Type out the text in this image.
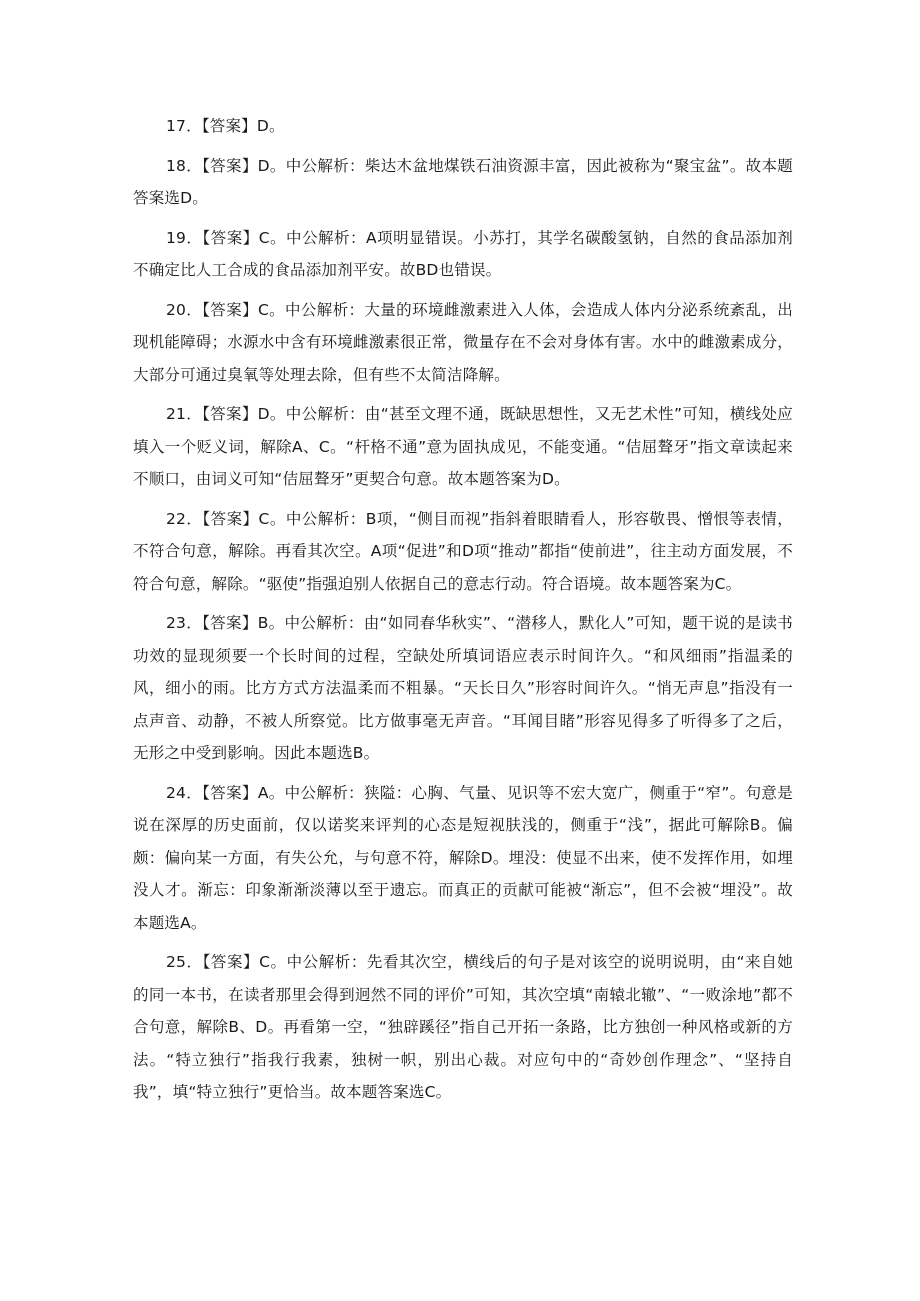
17．【答案】D。

18．【答案】D。中公解析：柴达木盆地煤铁石油资源丰富，因此被称为“聚宝盆”。故本题答案选D。

19．【答案】C。中公解析：A项明显错误。小苏打，其学名碳酸氢钠，自然的食品添加剂不确定比人工合成的食品添加剂平安。故BD也错误。

20．【答案】C。中公解析：大量的环境雌激素进入人体，会造成人体内分泌系统紊乱，出现机能障碍；水源水中含有环境雌激素很正常，微量存在不会对身体有害。水中的雌激素成分，大部分可通过臭氧等处理去除，但有些不太简洁降解。

21．【答案】D。中公解析：由“甚至文理不通，既缺思想性，又无艺术性”可知，横线处应填入一个贬义词，解除A、C。“杆格不通”意为固执成见，不能变通。“佶屈聱牙”指文章读起来不顺口，由词义可知“佶屈聱牙”更契合句意。故本题答案为D。

22．【答案】C。中公解析：B项，“侧目而视”指斜着眼睛看人，形容敬畏、憎恨等表情，不符合句意，解除。再看其次空。A项“促进”和D项“推动”都指“使前进”，往主动方面发展，不符合句意，解除。“驱使”指强迫别人依据自己的意志行动。符合语境。故本题答案为C。

23．【答案】B。中公解析：由“如同春华秋实”、“潜移人，默化人”可知，题干说的是读书功效的显现须要一个长时间的过程，空缺处所填词语应表示时间许久。“和风细雨”指温柔的风，细小的雨。比方方式方法温柔而不粗暴。“天长日久”形容时间许久。“悄无声息”指没有一点声音、动静，不被人所察觉。比方做事毫无声音。“耳闻目睹”形容见得多了听得多了之后，无形之中受到影响。因此本题选B。

24．【答案】A。中公解析：狭隘：心胸、气量、见识等不宏大宽广，侧重于“窄”。句意是说在深厚的历史面前，仅以诺奖来评判的心态是短视肤浅的，侧重于“浅”，据此可解除B。偏颇：偏向某一方面，有失公允，与句意不符，解除D。埋没：使显不出来，使不发挥作用，如埋没人才。渐忘：印象渐渐淡薄以至于遗忘。而真正的贡献可能被“渐忘”，但不会被“埋没”。故本题选A。

25．【答案】C。中公解析：先看其次空，横线后的句子是对该空的说明说明，由“来自她的同一本书，在读者那里会得到迥然不同的评价”可知，其次空填“南辕北辙”、“一败涂地”都不合句意，解除B、D。再看第一空，“独辟蹊径”指自己开拓一条路，比方独创一种风格或新的方法。“特立独行”指我行我素，独树一帜，别出心裁。对应句中的“奇妙创作理念”、“坚持自我”，填“特立独行”更恰当。故本题答案选C。
